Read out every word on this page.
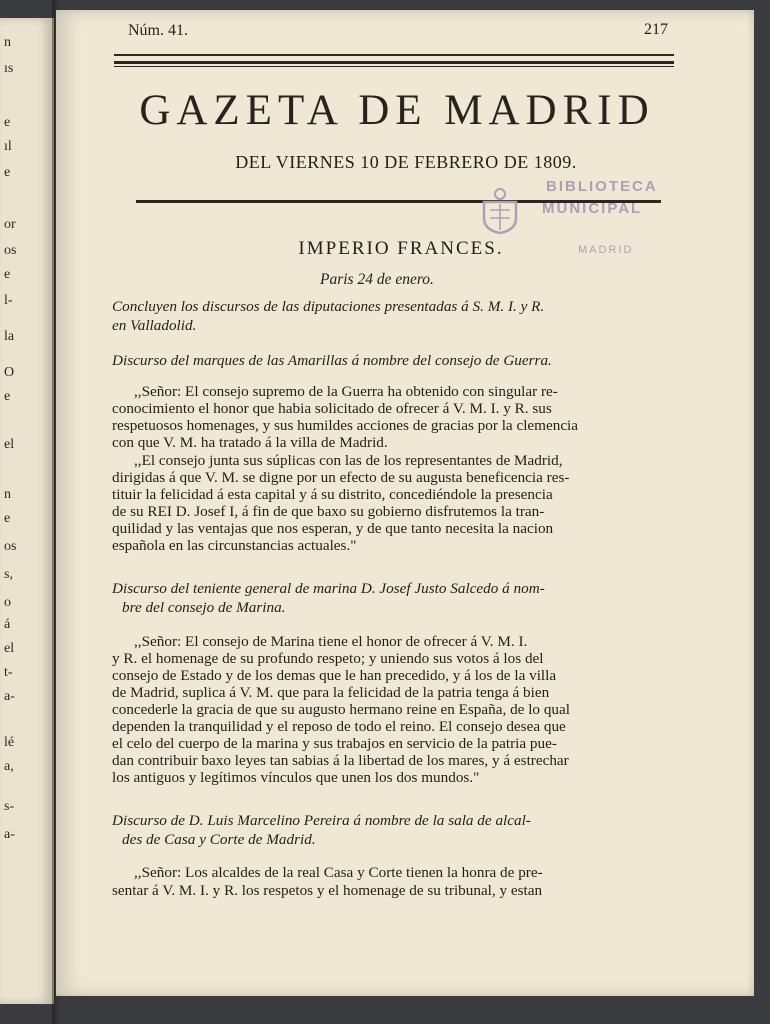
n
ıs
e
ıl
e
or
os
e
l-
la
O
e
el
n
e
os
s,
o
á
el
t-
a-
lé
a,
s-
a-
Núm. 41.	217
GAZETA DE MADRID
DEL VIERNES 10 DE FEBRERO DE 1809.
BIBLIOTECA
MUNICIPAL
MADRID
IMPERIO FRANCES.
Paris 24 de enero.
Concluyen los discursos de las diputaciones presentadas á S. M. I. y R.
en Valladolid.
Discurso del marques de las Amarillas á nombre del consejo de Guerra.
,,Señor: El consejo supremo de la Guerra ha obtenido con singular re-
conocimiento el honor que habia solicitado de ofrecer á V. M. I. y R. sus
respetuosos homenages, y sus humildes acciones de gracias por la clemencia
con que V. M. ha tratado á la villa de Madrid.
,,El consejo junta sus súplicas con las de los representantes de Madrid,
dirigidas á que V. M. se digne por un efecto de su augusta beneficencia res-
tituir la felicidad á esta capital y á su distrito, concediéndole la presencia
de su REI D. Josef I, á fin de que baxo su gobierno disfrutemos la tran-
quilidad y las ventajas que nos esperan, y de que tanto necesita la nacion
española en las circunstancias actuales."
Discurso del teniente general de marina D. Josef Justo Salcedo á nom-
bre del consejo de Marina.
,,Señor: El consejo de Marina tiene el honor de ofrecer á V. M. I.
y R. el homenage de su profundo respeto; y uniendo sus votos á los del
consejo de Estado y de los demas que le han precedido, y á los de la villa
de Madrid, suplica á V. M. que para la felicidad de la patria tenga á bien
concederle la gracia de que su augusto hermano reine en España, de lo qual
dependen la tranquilidad y el reposo de todo el reino. El consejo desea que
el celo del cuerpo de la marina y sus trabajos en servicio de la patria pue-
dan contribuir baxo leyes tan sabias á la libertad de los mares, y á estrechar
los antiguos y legítimos vínculos que unen los dos mundos."
Discurso de D. Luis Marcelino Pereira á nombre de la sala de alcal-
des de Casa y Corte de Madrid.
,,Señor: Los alcaldes de la real Casa y Corte tienen la honra de pre-
sentar á V. M. I. y R. los respetos y el homenage de su tribunal, y estan
